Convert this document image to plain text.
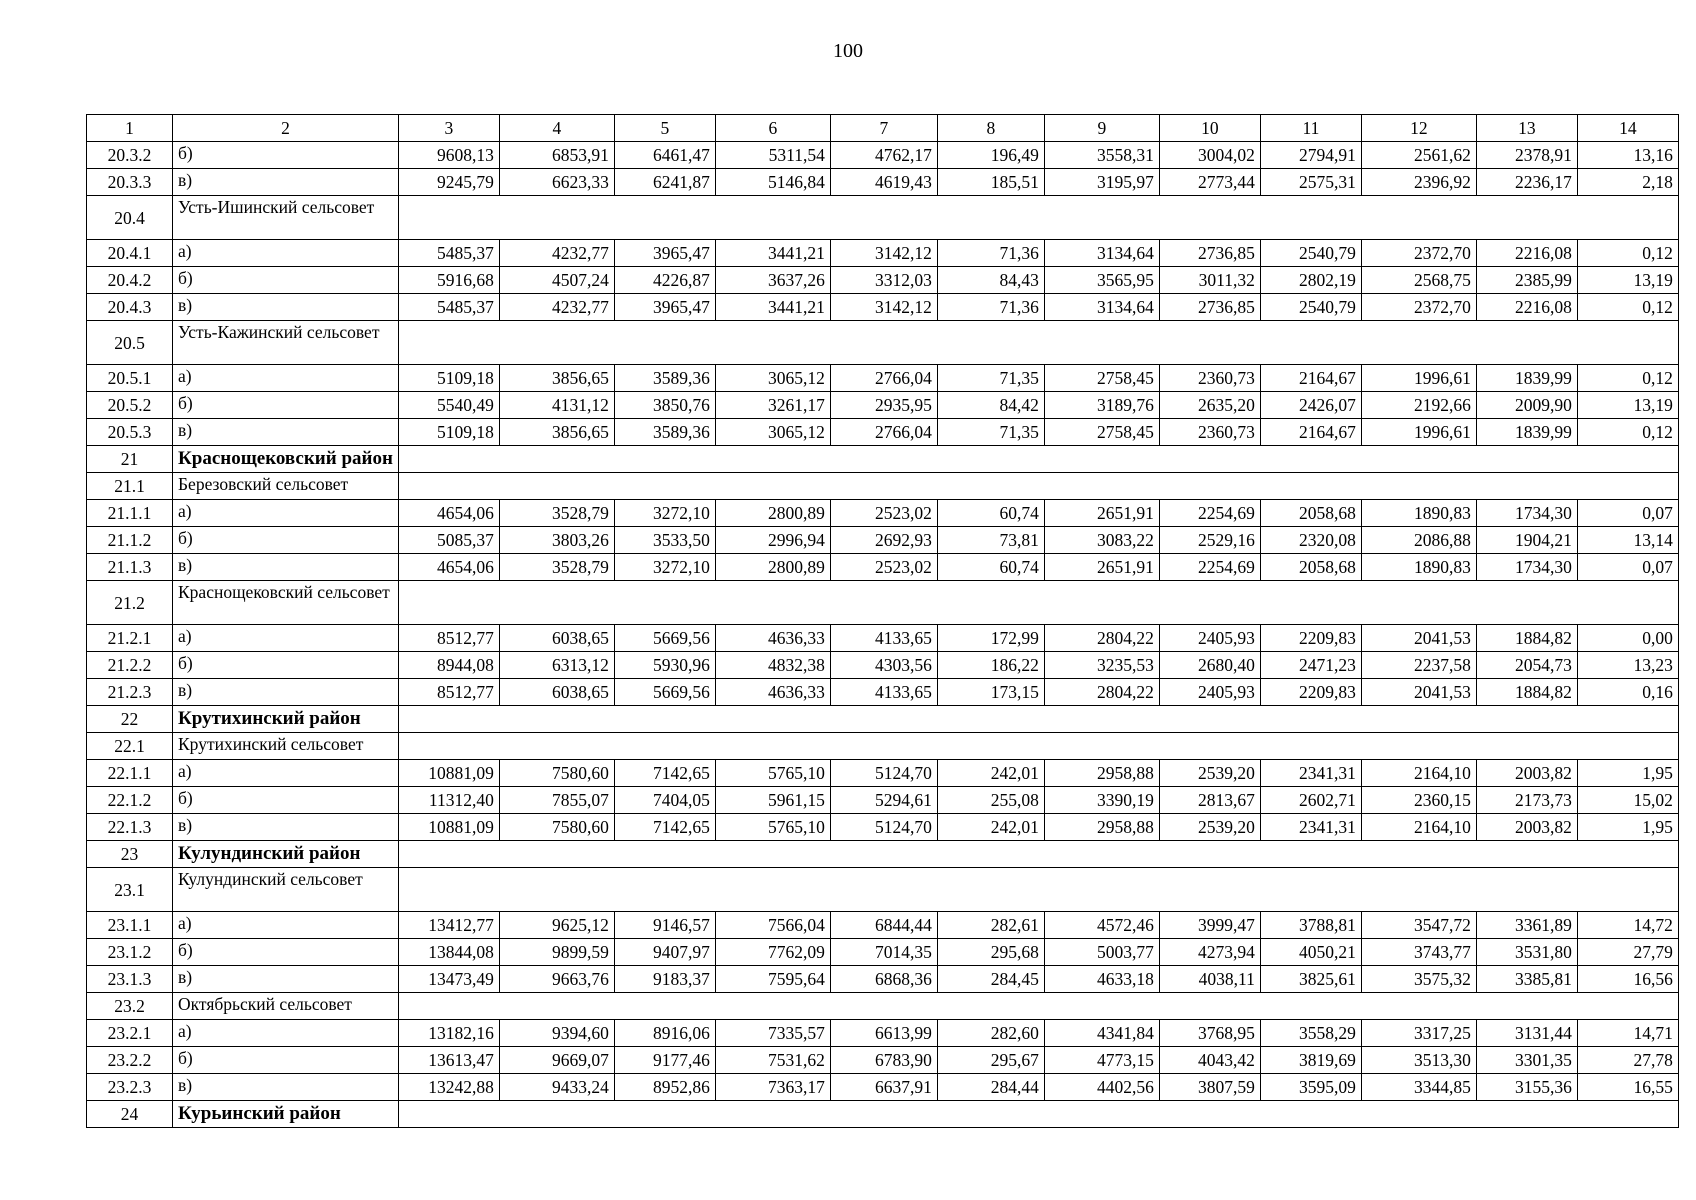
100
1	2	3	4	5	6	7	8	9	10	11	12	13	14
20.3.2	б)	9608,13	6853,91	6461,47	5311,54	4762,17	196,49	3558,31	3004,02	2794,91	2561,62	2378,91	13,16
20.3.3	в)	9245,79	6623,33	6241,87	5146,84	4619,43	185,51	3195,97	2773,44	2575,31	2396,92	2236,17	2,18
20.4	Усть-Ишинский сельсовет												
20.4.1	а)	5485,37	4232,77	3965,47	3441,21	3142,12	71,36	3134,64	2736,85	2540,79	2372,70	2216,08	0,12
20.4.2	б)	5916,68	4507,24	4226,87	3637,26	3312,03	84,43	3565,95	3011,32	2802,19	2568,75	2385,99	13,19
20.4.3	в)	5485,37	4232,77	3965,47	3441,21	3142,12	71,36	3134,64	2736,85	2540,79	2372,70	2216,08	0,12
20.5	Усть-Кажинский сельсовет												
20.5.1	а)	5109,18	3856,65	3589,36	3065,12	2766,04	71,35	2758,45	2360,73	2164,67	1996,61	1839,99	0,12
20.5.2	б)	5540,49	4131,12	3850,76	3261,17	2935,95	84,42	3189,76	2635,20	2426,07	2192,66	2009,90	13,19
20.5.3	в)	5109,18	3856,65	3589,36	3065,12	2766,04	71,35	2758,45	2360,73	2164,67	1996,61	1839,99	0,12
21	Краснощековский район												
21.1	Березовский сельсовет												
21.1.1	а)	4654,06	3528,79	3272,10	2800,89	2523,02	60,74	2651,91	2254,69	2058,68	1890,83	1734,30	0,07
21.1.2	б)	5085,37	3803,26	3533,50	2996,94	2692,93	73,81	3083,22	2529,16	2320,08	2086,88	1904,21	13,14
21.1.3	в)	4654,06	3528,79	3272,10	2800,89	2523,02	60,74	2651,91	2254,69	2058,68	1890,83	1734,30	0,07
21.2	Краснощековский сельсовет												
21.2.1	а)	8512,77	6038,65	5669,56	4636,33	4133,65	172,99	2804,22	2405,93	2209,83	2041,53	1884,82	0,00
21.2.2	б)	8944,08	6313,12	5930,96	4832,38	4303,56	186,22	3235,53	2680,40	2471,23	2237,58	2054,73	13,23
21.2.3	в)	8512,77	6038,65	5669,56	4636,33	4133,65	173,15	2804,22	2405,93	2209,83	2041,53	1884,82	0,16
22	Крутихинский район												
22.1	Крутихинский сельсовет												
22.1.1	а)	10881,09	7580,60	7142,65	5765,10	5124,70	242,01	2958,88	2539,20	2341,31	2164,10	2003,82	1,95
22.1.2	б)	11312,40	7855,07	7404,05	5961,15	5294,61	255,08	3390,19	2813,67	2602,71	2360,15	2173,73	15,02
22.1.3	в)	10881,09	7580,60	7142,65	5765,10	5124,70	242,01	2958,88	2539,20	2341,31	2164,10	2003,82	1,95
23	Кулундинский район												
23.1	Кулундинский сельсовет												
23.1.1	а)	13412,77	9625,12	9146,57	7566,04	6844,44	282,61	4572,46	3999,47	3788,81	3547,72	3361,89	14,72
23.1.2	б)	13844,08	9899,59	9407,97	7762,09	7014,35	295,68	5003,77	4273,94	4050,21	3743,77	3531,80	27,79
23.1.3	в)	13473,49	9663,76	9183,37	7595,64	6868,36	284,45	4633,18	4038,11	3825,61	3575,32	3385,81	16,56
23.2	Октябрьский сельсовет												
23.2.1	а)	13182,16	9394,60	8916,06	7335,57	6613,99	282,60	4341,84	3768,95	3558,29	3317,25	3131,44	14,71
23.2.2	б)	13613,47	9669,07	9177,46	7531,62	6783,90	295,67	4773,15	4043,42	3819,69	3513,30	3301,35	27,78
23.2.3	в)	13242,88	9433,24	8952,86	7363,17	6637,91	284,44	4402,56	3807,59	3595,09	3344,85	3155,36	16,55
24	Курьинский район												
